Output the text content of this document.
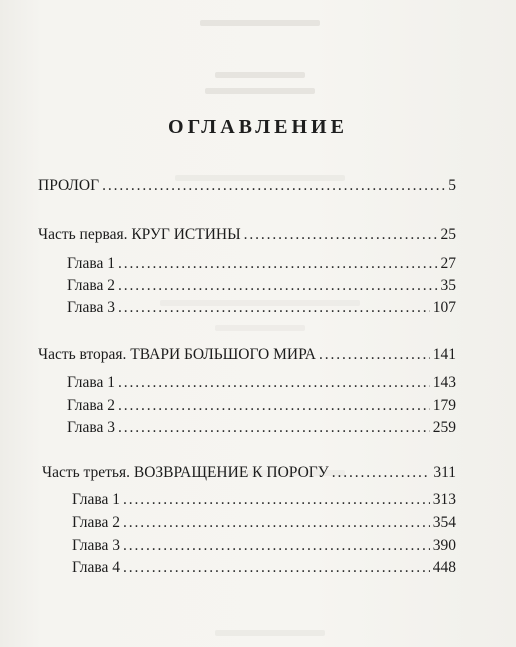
ОГЛАВЛЕНИЕ
ПРОЛОГ . . .	5
Часть первая. КРУГ ИСТИНЫ . . .	25
Глава 1 . . .	27
Глава 2 . . .	35
Глава 3 . . .	107
Часть вторая. ТВАРИ БОЛЬШОГО МИРА . . .	141
Глава 1 . . .	143
Глава 2 . . .	179
Глава 3 . . .	259
Часть третья. ВОЗВРАЩЕНИЕ К ПОРОГУ . . .	311
Глава 1 . . .	313
Глава 2 . . .	354
Глава 3 . . .	390
Глава 4 . . .	448
